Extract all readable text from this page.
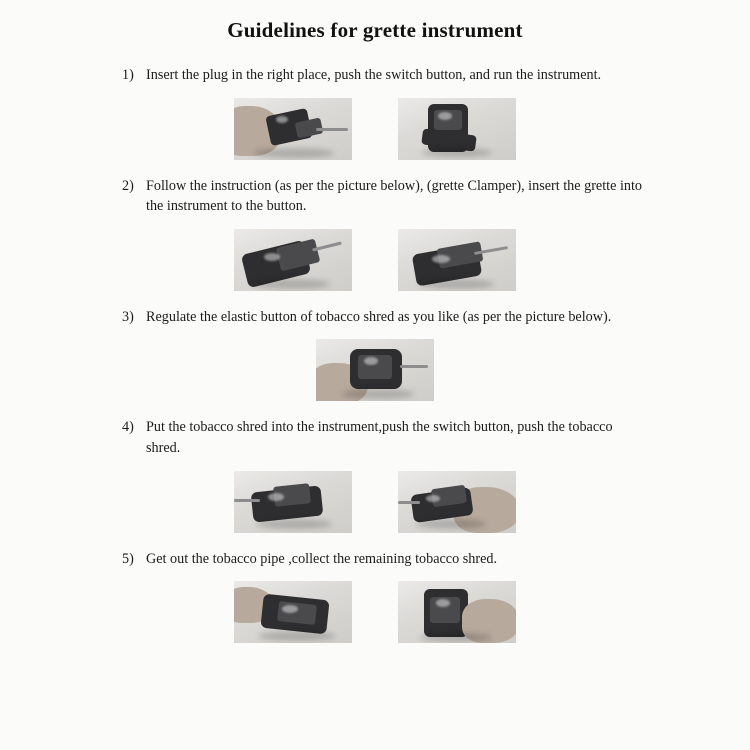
Guidelines for grette instrument
1) Insert the plug in the right place, push the switch button, and run the instrument.
2) Follow the instruction (as per the picture below), (grette Clamper), insert the grette into the instrument to the button.
3) Regulate the elastic button of tobacco shred as you like (as per the picture below).
4) Put the tobacco shred into the instrument,push the switch button, push the tobacco shred.
5) Get out the tobacco pipe ,collect the remaining tobacco shred.
